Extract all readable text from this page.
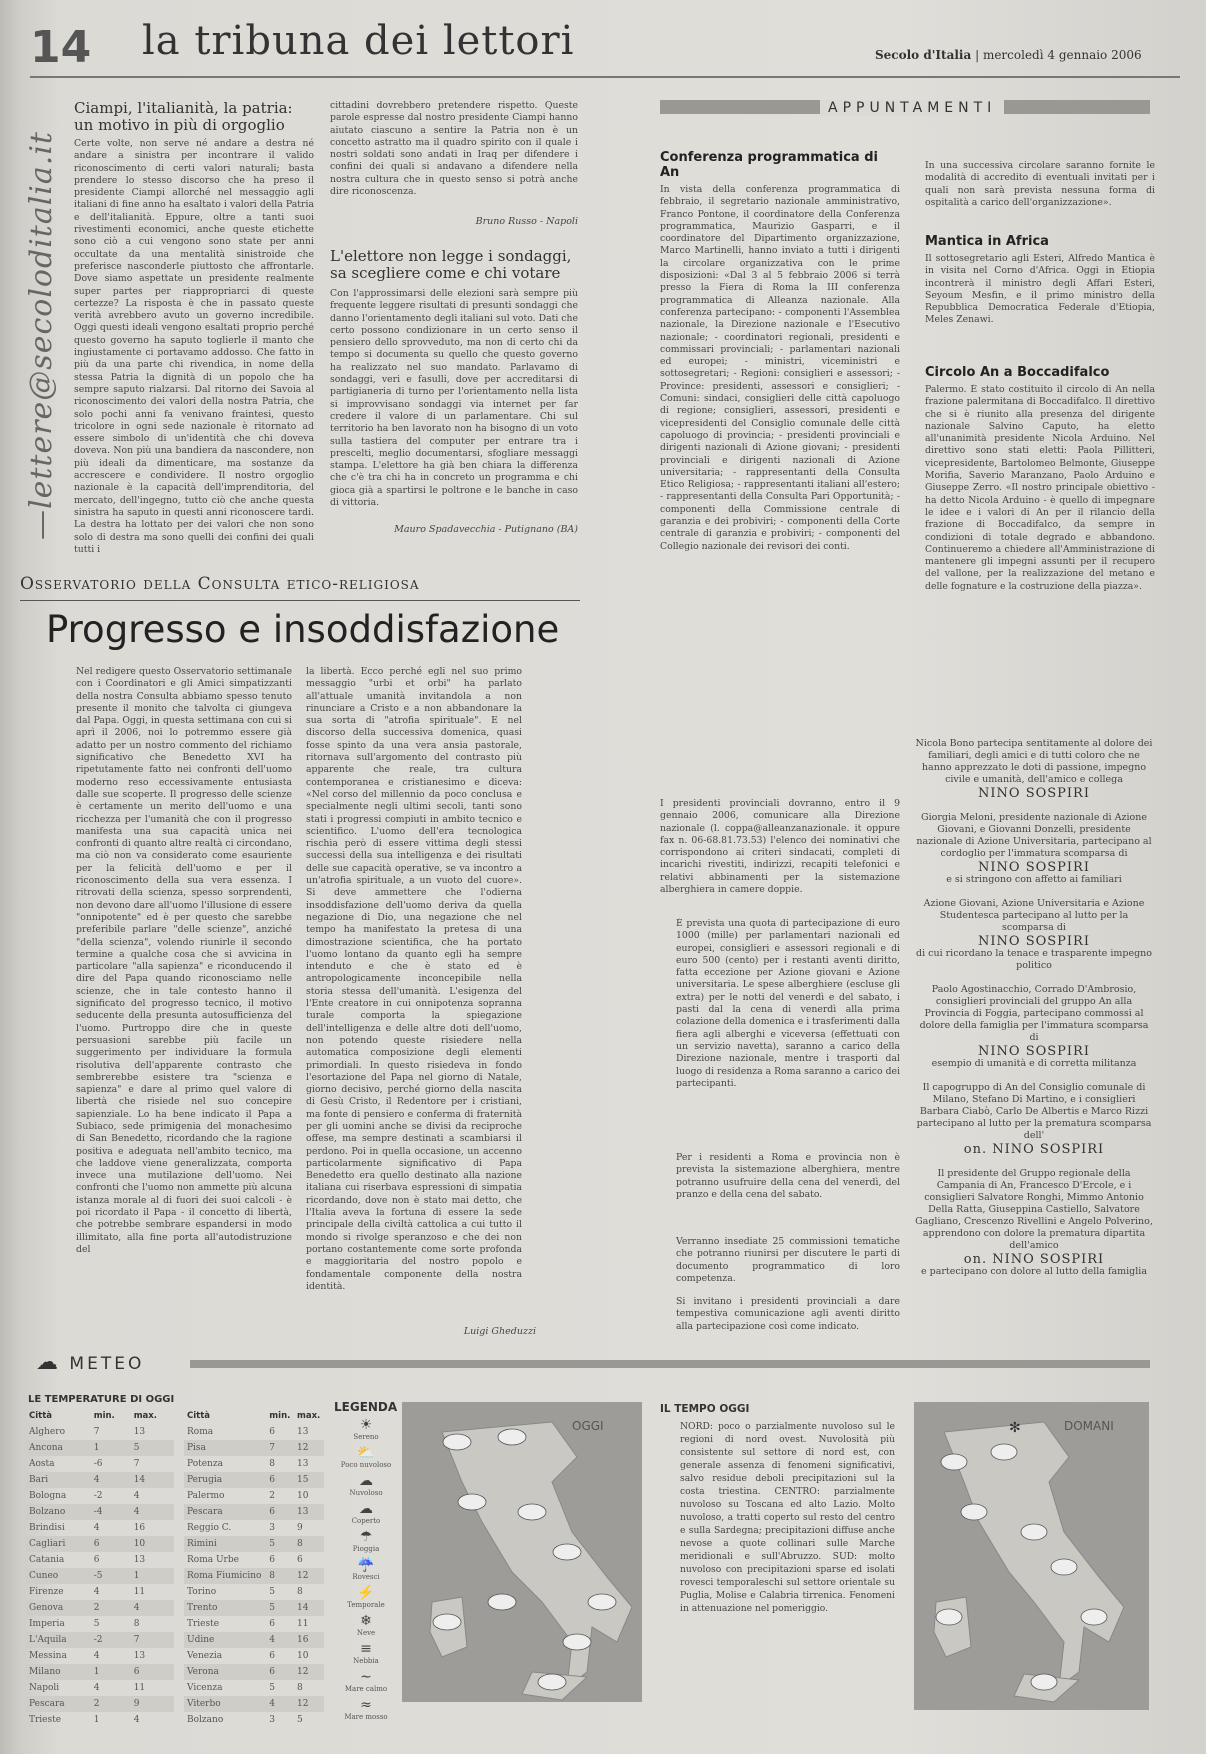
14 la tribuna dei lettori	Secolo d'Italia | mercoledì 4 gennaio 2006
—lettere@secoloditalia.it
Ciampi, l'italianità, la patria: un motivo in più di orgoglio
Certe volte, non serve né andare a destra né andare a sinistra per incontrare il valido riconoscimento di certi valori naturali; basta prendere lo stesso discorso che ha preso il presidente Ciampi allorché nel messaggio agli italiani di fine anno ha esaltato i valori della Patria e dell'italianità. Eppure, oltre a tanti suoi rivestimenti economici, anche queste etichette sono ciò a cui vengono sono state per anni occultate da una mentalità sinistroide che preferisce nasconderle piuttosto che affrontarle. Dove siamo aspettate un presidente realmente super partes per riappropriarci di queste certezze? La risposta è che in passato queste verità avrebbero avuto un governo incredibile. Oggi questi ideali vengono esaltati proprio perché questo governo ha saputo toglierle il manto che ingiustamente ci portavamo addosso. Che fatto in più da una parte chi rivendica, in nome della stessa Patria la dignità di un popolo che ha sempre saputo rialzarsi. Dal ritorno dei Savoia al riconoscimento dei valori della nostra Patria, che solo pochi anni fa venivano fraintesi, questo tricolore in ogni sede nazionale è ritornato ad essere simbolo di un'identità che chi doveva doveva. Non più una bandiera da nascondere, non più ideali da dimenticare, ma sostanze da accrescere e condividere. Il nostro orgoglio nazionale è la capacità dell'imprenditoria, del mercato, dell'ingegno, tutto ciò che anche questa sinistra ha saputo in questi anni riconoscere tardi. La destra ha lottato per dei valori che non sono solo di destra ma sono quelli dei confini dei quali tutti i
cittadini dovrebbero pretendere rispetto. Queste parole espresse dal nostro presidente Ciampi hanno aiutato ciascuno a sentire la Patria non è un concetto astratto ma il quadro spirito con il quale i nostri soldati sono andati in Iraq per difendere i confini dei quali si andavano a difendere nella nostra cultura che in questo senso si potrà anche dire riconoscenza.
Bruno Russo - Napoli
L'elettore non legge i sondaggi, sa scegliere come e chi votare
Con l'approssimarsi delle elezioni sarà sempre più frequente leggere risultati di presunti sondaggi che danno l'orientamento degli italiani sul voto. Dati che certo possono condizionare in un certo senso il pensiero dello sprovveduto, ma non di certo chi da tempo si documenta su quello che questo governo ha realizzato nel suo mandato. Parlavamo di sondaggi, veri e fasulli, dove per accreditarsi di partigianeria di turno per l'orientamento nella lista si improvvisano sondaggi via internet per far credere il valore di un parlamentare. Chi sul territorio ha ben lavorato non ha bisogno di un voto sulla tastiera del computer per entrare tra i prescelti, meglio documentarsi, sfogliare messaggi stampa. L'elettore ha già ben chiara la differenza che c'è tra chi ha in concreto un programma e chi gioca già a spartirsi le poltrone e le banche in caso di vittoria.
Mauro Spadavecchia - Putignano (BA)
Osservatorio della Consulta etico-religiosa
Progresso e insoddisfazione
Nel redigere questo Osservatorio settimanale con i Coordinatori e gli Amici simpatizzanti della nostra Consulta abbiamo spesso tenuto presente il monito che talvolta ci giungeva dal Papa. Oggi, in questa settimana con cui si aprì il 2006, noi lo potremmo essere già adatto per un nostro commento del richiamo significativo che Benedetto XVI ha ripetutamente fatto nei confronti dell'uomo moderno reso eccessivamente entusiasta dalle sue scoperte. Il progresso delle scienze è certamente un merito dell'uomo e una ricchezza per l'umanità che con il progresso manifesta una sua capacità unica nei confronti di quanto altre realtà ci circondano, ma ciò non va considerato come esauriente per la felicità dell'uomo e per il riconoscimento della sua vera essenza. I ritrovati della scienza, spesso sorprendenti, non devono dare all'uomo l'illusione di essere "onnipotente" ed è per questo che sarebbe preferibile parlare "delle scienze", anziché "della scienza", volendo riunirle il secondo termine a qualche cosa che si avvicina in particolare "alla sapienza" e riconducendo il dire del Papa quando riconosciamo nelle scienze, che in tale contesto hanno il significato del progresso tecnico, il motivo seducente della presunta autosufficienza del l'uomo. Purtroppo dire che in queste persuasioni sarebbe più facile un suggerimento per individuare la formula risolutiva dell'apparente contrasto che sembrerebbe esistere tra "scienza e sapienza" e dare al primo quel valore di libertà che risiede nel suo concepire sapienziale. Lo ha bene indicato il Papa a Subiaco, sede primigenia del monachesimo di San Benedetto, ricordando che la ragione positiva e adeguata nell'ambito tecnico, ma che laddove viene generalizzata, comporta invece una mutilazione dell'uomo. Nei confronti che l'uomo non ammette più alcuna istanza morale al di fuori dei suoi calcoli - è poi ricordato il Papa - il concetto di libertà, che potrebbe sembrare espandersi in modo illimitato, alla fine porta all'autodistruzione del
la libertà. Ecco perché egli nel suo primo messaggio "urbi et orbi" ha parlato all'attuale umanità invitandola a non rinunciare a Cristo e a non abbandonare la sua sorta di "atrofia spirituale". E nel discorso della successiva domenica, quasi fosse spinto da una vera ansia pastorale, ritornava sull'argomento del contrasto più apparente che reale, tra cultura contemporanea e cristianesimo e diceva: «Nel corso del millennio da poco conclusa e specialmente negli ultimi secoli, tanti sono stati i progressi compiuti in ambito tecnico e scientifico. L'uomo dell'era tecnologica rischia però di essere vittima degli stessi successi della sua intelligenza e dei risultati delle sue capacità operative, se va incontro a un'atrofia spirituale, a un vuoto del cuore». Si deve ammettere che l'odierna insoddisfazione dell'uomo deriva da quella negazione di Dio, una negazione che nel tempo ha manifestato la pretesa di una dimostrazione scientifica, che ha portato l'uomo lontano da quanto egli ha sempre intenduto e che è stato ed è antropologicamente inconcepibile nella storia stessa dell'umanità. L'esigenza del l'Ente creatore in cui onnipotenza sopranna turale comporta la spiegazione dell'intelligenza e delle altre doti dell'uomo, non potendo queste risiedere nella automatica composizione degli elementi primordiali. In questo risiedeva in fondo l'esortazione del Papa nel giorno di Natale, giorno decisivo, perché giorno della nascita di Gesù Cristo, il Redentore per i cristiani, ma fonte di pensiero e conferma di fraternità per gli uomini anche se divisi da reciproche offese, ma sempre destinati a scambiarsi il perdono. Poi in quella occasione, un accenno particolarmente significativo di Papa Benedetto era quello destinato alla nazione italiana cui riserbava espressioni di simpatia ricordando, dove non è stato mai detto, che l'Italia aveva la fortuna di essere la sede principale della civiltà cattolica a cui tutto il mondo si rivolge speranzoso e che dei non portano costantemente come sorte profonda e maggioritaria del nostro popolo e fondamentale componente della nostra identità.
Luigi Gheduzzi
APPUNTAMENTI
Conferenza programmatica di An
In vista della conferenza programmatica di febbraio, il segretario nazionale amministrativo, Franco Pontone, il coordinatore della Conferenza programmatica, Maurizio Gasparri, e il coordinatore del Dipartimento organizzazione, Marco Martinelli, hanno inviato a tutti i dirigenti la circolare organizzativa con le prime disposizioni: «Dal 3 al 5 febbraio 2006 si terrà presso la Fiera di Roma la III conferenza programmatica di Alleanza nazionale. Alla conferenza partecipano: - componenti l'Assemblea nazionale, la Direzione nazionale e l'Esecutivo nazionale; - coordinatori regionali, presidenti e commissari provinciali; - parlamentari nazionali ed europei; - ministri, viceministri e sottosegretari; - Regioni: consiglieri e assessori; - Province: presidenti, assessori e consiglieri; - Comuni: sindaci, consiglieri delle città capoluogo di regione; consiglieri, assessori, presidenti e vicepresidenti del Consiglio comunale delle città capoluogo di provincia; - presidenti provinciali e dirigenti nazionali di Azione giovani; - presidenti provinciali e dirigenti nazionali di Azione universitaria; - rappresentanti della Consulta Etico Religiosa; - rappresentanti italiani all'estero; - rappresentanti della Consulta Pari Opportunità; - componenti della Commissione centrale di garanzia e dei probiviri; - componenti della Corte centrale di garanzia e probiviri; - componenti del Collegio nazionale dei revisori dei conti.
I presidenti provinciali dovranno, entro il 9 gennaio 2006, comunicare alla Direzione nazionale (l. coppa@alleanzanazionale. it oppure fax n. 06-68.81.73.53) l'elenco dei nominativi che corrispondono ai criteri sindacati, completi di incarichi rivestiti, indirizzi, recapiti telefonici e relativi abbinamenti per la sistemazione alberghiera in camere doppie.
È prevista una quota di partecipazione di euro 1000 (mille) per parlamentari nazionali ed europei, consiglieri e assessori regionali e di euro 500 (cento) per i restanti aventi diritto, fatta eccezione per Azione giovani e Azione universitaria. Le spese alberghiere (escluse gli extra) per le notti del venerdì e del sabato, i pasti dal la cena di venerdì alla prima colazione della domenica e i trasferimenti dalla fiera agli alberghi e viceversa (effettuati con un servizio navetta), saranno a carico della Direzione nazionale, mentre i trasporti dal luogo di residenza a Roma saranno a carico dei partecipanti.
Per i residenti a Roma e provincia non è prevista la sistemazione alberghiera, mentre potranno usufruire della cena del venerdì, del pranzo e della cena del sabato.
Verranno insediate 25 commissioni tematiche che potranno riunirsi per discutere le parti di documento programmatico di loro competenza.
Si invitano i presidenti provinciali a dare tempestiva comunicazione agli aventi diritto alla partecipazione così come indicato.
In una successiva circolare saranno fornite le modalità di accredito di eventuali invitati per i quali non sarà prevista nessuna forma di ospitalità a carico dell'organizzazione».
Mantica in Africa
Il sottosegretario agli Esteri, Alfredo Mantica è in visita nel Corno d'Africa. Oggi in Etiopia incontrerà il ministro degli Affari Esteri, Seyoum Mesfin, e il primo ministro della Repubblica Democratica Federale d'Etiopia, Meles Zenawi.
Circolo An a Boccadifalco
Palermo. È stato costituito il circolo di An nella frazione palermitana di Boccadifalco. Il direttivo che si è riunito alla presenza del dirigente nazionale Salvino Caputo, ha eletto all'unanimità presidente Nicola Arduino. Nel direttivo sono stati eletti: Paola Pillitteri, vicepresidente, Bartolomeo Belmonte, Giuseppe Morifia, Saverio Maranzano, Paolo Arduino e Giuseppe Zerro. «Il nostro principale obiettivo - ha detto Nicola Arduino - è quello di impegnare le idee e i valori di An per il rilancio della frazione di Boccadifalco, da sempre in condizioni di totale degrado e abbandono. Continueremo a chiedere all'Amministrazione di mantenere gli impegni assunti per il recupero del vallone, per la realizzazione del metano e delle fognature e la costruzione della piazza».
Nicola Bono partecipa sentitamente al dolore dei familiari, degli amici e di tutti coloro che ne hanno apprezzato le doti di passione, impegno civile e umanità, dell'amico e collega
NINO SOSPIRI
Giorgia Meloni, presidente nazionale di Azione Giovani, e Giovanni Donzelli, presidente nazionale di Azione Universitaria, partecipano al cordoglio per l'immatura scomparsa di
NINO SOSPIRI
e si stringono con affetto ai familiari
Azione Giovani, Azione Universitaria e Azione Studentesca partecipano al lutto per la scomparsa di
NINO SOSPIRI
di cui ricordano la tenace e trasparente impegno politico
Paolo Agostinacchio, Corrado D'Ambrosio, consiglieri provinciali del gruppo An alla Provincia di Foggia, partecipano commossi al dolore della famiglia per l'immatura scomparsa di
NINO SOSPIRI
esempio di umanità e di corretta militanza
Il capogruppo di An del Consiglio comunale di Milano, Stefano Di Martino, e i consiglieri Barbara Ciabò, Carlo De Albertis e Marco Rizzi partecipano al lutto per la prematura scomparsa dell'
on. NINO SOSPIRI
Il presidente del Gruppo regionale della Campania di An, Francesco D'Ercole, e i consiglieri Salvatore Ronghi, Mimmo Antonio Della Ratta, Giuseppina Castiello, Salvatore Gagliano, Crescenzo Rivellini e Angelo Polverino, apprendono con dolore la prematura dipartita dell'amico
on. NINO SOSPIRI
e partecipano con dolore al lutto della famiglia
☁ METEO
LE TEMPERATURE DI OGGI
Città	min.	max.
Alghero	7	13
Ancona	1	5
Aosta	-6	7
Bari	4	14
Bologna	-2	4
Bolzano	-4	4
Brindisi	4	16
Cagliari	6	10
Catania	6	13
Cuneo	-5	1
Firenze	4	11
Genova	2	4
Imperia	5	8
L'Aquila	-2	7
Messina	4	13
Milano	1	6
Napoli	4	11
Pescara	2	9
Trieste	1	4
Città	min.	max.
Roma	6	13
Pisa	7	12
Potenza	8	13
Perugia	6	15
Palermo	2	10
Pescara	6	13
Reggio C.	3	9
Rimini	5	8
Roma Urbe	6	6
Roma Fiumicino	8	12
Torino	5	8
Trento	5	14
Trieste	6	11
Udine	4	16
Venezia	6	10
Verona	6	12
Vicenza	5	8
Viterbo	4	12
Bolzano	3	5
LEGENDA
☀
Sereno
⛅
Poco nuvoloso
☁
Nuvoloso
☁
Coperto
☂
Pioggia
☔
Rovesci
⚡
Temporale
❄
Neve
≡
Nebbia
∼
Mare calmo
≈
Mare mosso
OGGI
IL TEMPO OGGI
NORD: poco o parzialmente nuvoloso sul le regioni di nord ovest. Nuvolosità più consistente sul settore di nord est, con generale assenza di fenomeni significativi, salvo residue deboli precipitazioni sul la costa triestina. CENTRO: parzialmente nuvoloso su Toscana ed alto Lazio. Molto nuvoloso, a tratti coperto sul resto del centro e sulla Sardegna; precipitazioni diffuse anche nevose a quote collinari sulle Marche meridionali e sull'Abruzzo. SUD: molto nuvoloso con precipitazioni sparse ed isolati rovesci temporaleschi sul settore orientale su Puglia, Molise e Calabria tirrenica. Fenomeni in attenuazione nel pomeriggio.
DOMANI
✻
